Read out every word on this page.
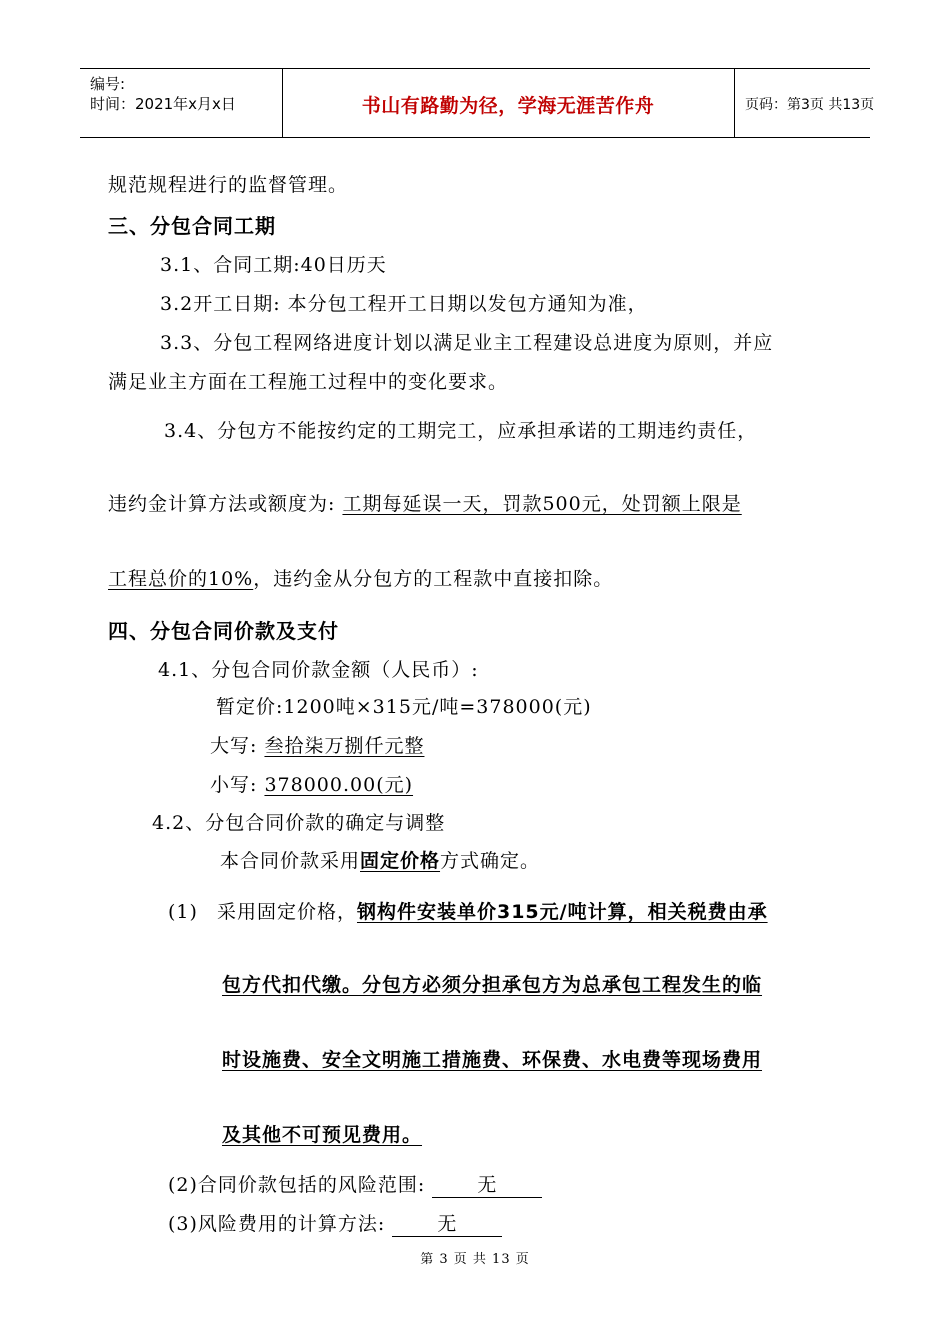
编号:
时间：2021年x月x日	书山有路勤为径，学海无涯苦作舟	页码：第3页 共13页
规范规程进行的监督管理。
三、分包合同工期
3.1、合同工期:40日历天
3.2开工日期: 本分包工程开工日期以发包方通知为准，
3.3、分包工程网络进度计划以满足业主工程建设总进度为原则，并应
满足业主方面在工程施工过程中的变化要求。
3.4、分包方不能按约定的工期完工，应承担承诺的工期违约责任，
违约金计算方法或额度为: 工期每延误一天，罚款500元，处罚额上限是
工程总价的10%，违约金从分包方的工程款中直接扣除。
四、分包合同价款及支付
4.1、分包合同价款金额（人民币）:
暂定价:1200吨×315元/吨=378000(元)
大写: 叁拾柒万捌仟元整
小写: 378000.00(元)
4.2、分包合同价款的确定与调整
本合同价款采用固定价格方式确定。
(1) 采用固定价格，钢构件安装单价315元/吨计算，相关税费由承
包方代扣代缴。分包方必须分担承包方为总承包工程发生的临
时设施费、安全文明施工措施费、环保费、水电费等现场费用
及其他不可预见费用。
(2)合同价款包括的风险范围: 无
(3)风险费用的计算方法: 无
第 3 页 共 13 页
